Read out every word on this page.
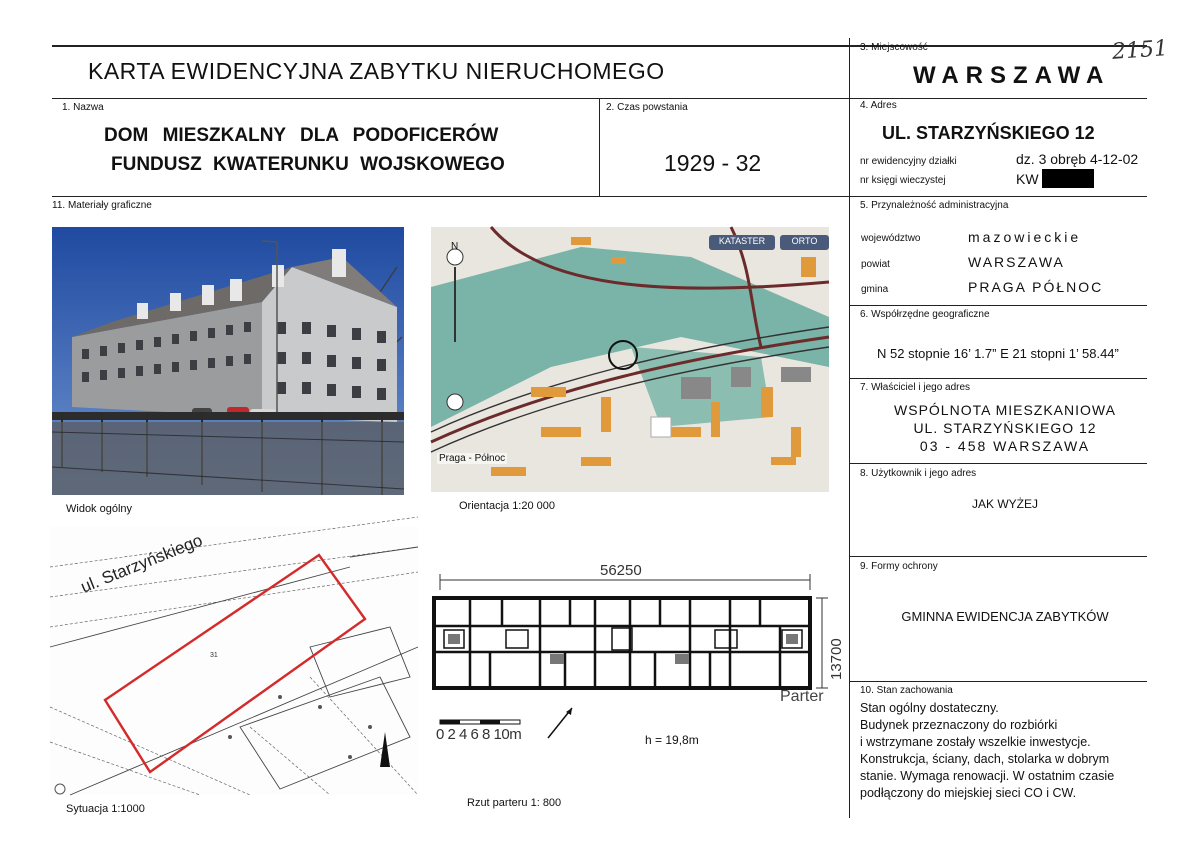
KARTA EWIDENCYJNA ZABYTKU NIERUCHOMEGO
3. Miejscowość
WARSZAWA
2151
1. Nazwa
DOM MIESZKALNY DLA PODOFICERÓW
FUNDUSZ KWATERUNKU WOJSKOWEGO
2. Czas powstania
1929 - 32
4. Adres
UL. STARZYŃSKIEGO 12
nr ewidencyjny działki	dz. 3 obręb 4-12-02
nr księgi wieczystej	KW
5. Przynależność administracyjna
województwo	mazowieckie
powiat	WARSZAWA
gmina	PRAGA PÓŁNOC
6. Współrzędne geograficzne
N 52 stopnie 16’ 1.7” E 21 stopni 1’ 58.44”
7. Właściciel i jego adres
WSPÓLNOTA MIESZKANIOWA
UL. STARZYŃSKIEGO 12
03 - 458 WARSZAWA
8. Użytkownik i jego adres
JAK WYŻEJ
9. Formy ochrony
GMINNA EWIDENCJA ZABYTKÓW
10. Stan zachowania
Stan ogólny dostateczny.
Budynek przeznaczony do rozbiórki
i wstrzymane zostały wszelkie inwestycje.
Konstrukcja, ściany, dach, stolarka w dobrym
stanie. Wymaga renowacji. W ostatnim czasie
podłączony do miejskiej sieci CO i CW.
11. Materiały graficzne
Widok ogólny
N	KATASTER	ORTO
Praga - Północ
Orientacja 1:20 000
31
ul. Starzyńskiego
Sytuacja 1:1000
56250
13700
Parter
0 2 4 6 8 10m	h = 19,8m
Rzut parteru 1: 800
